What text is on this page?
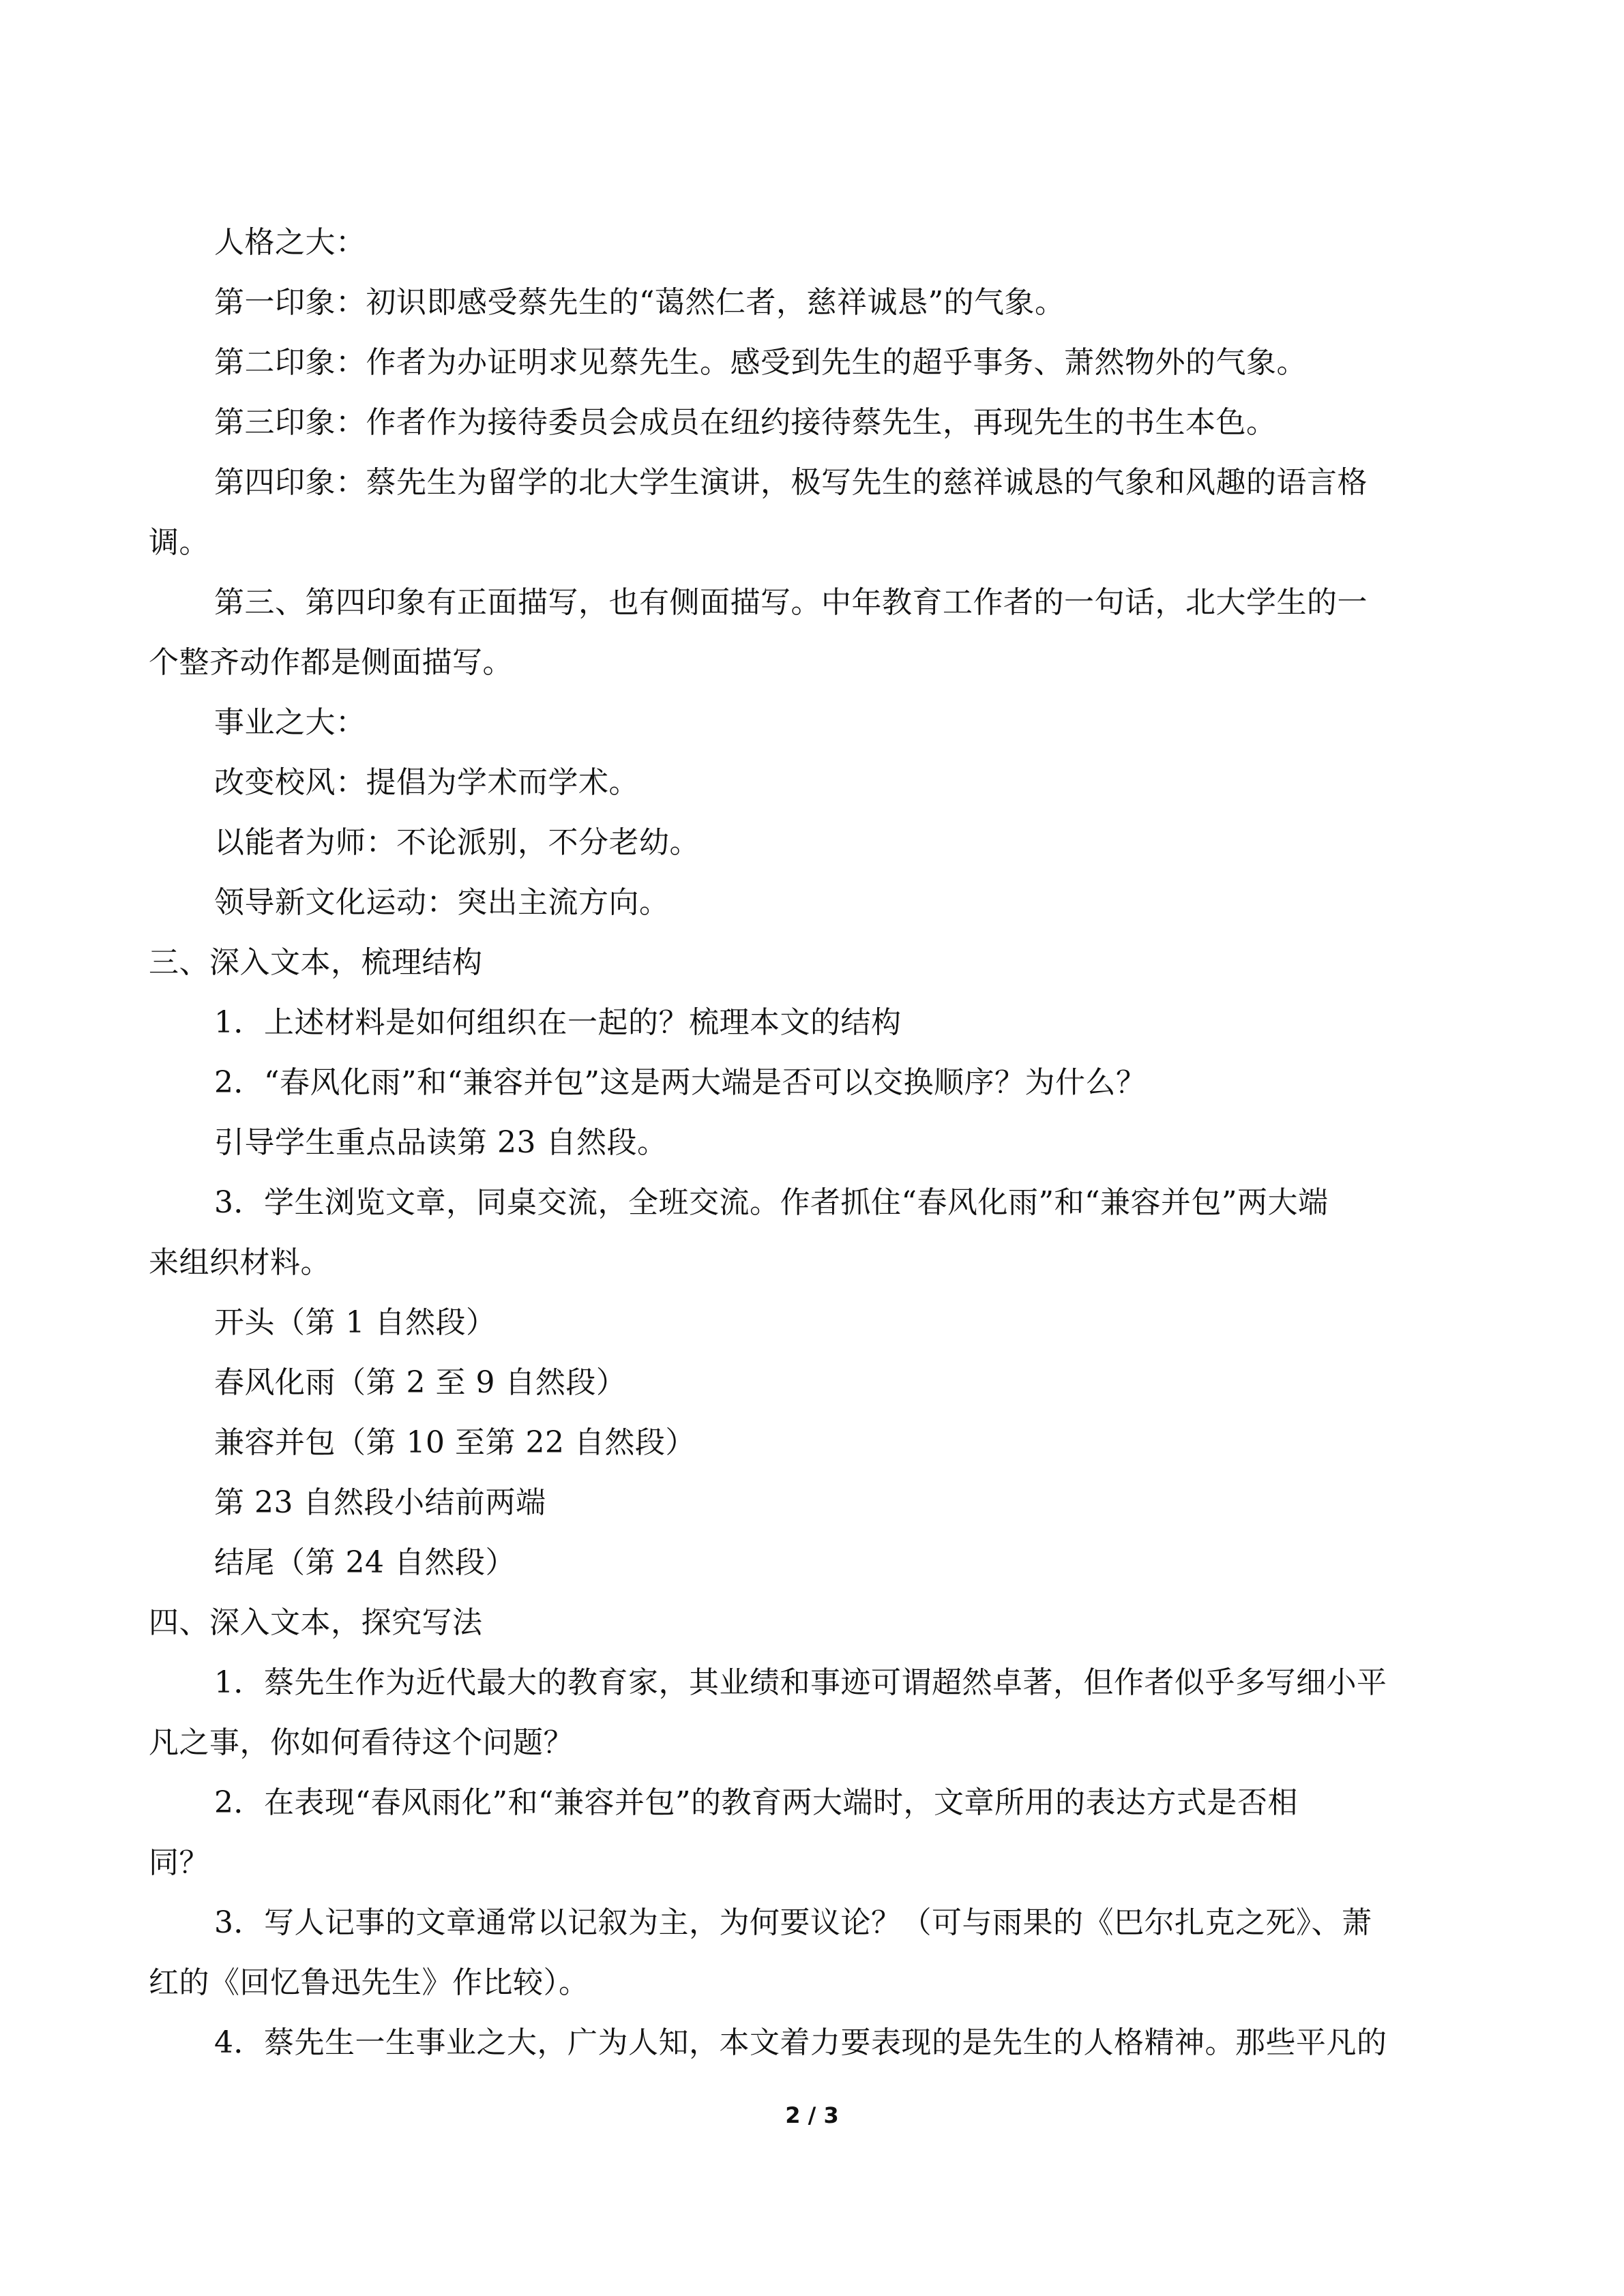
人格之大：
第一印象：初识即感受蔡先生的“蔼然仁者，慈祥诚恳”的气象。
第二印象：作者为办证明求见蔡先生。感受到先生的超乎事务、萧然物外的气象。
第三印象：作者作为接待委员会成员在纽约接待蔡先生，再现先生的书生本色。
第四印象：蔡先生为留学的北大学生演讲，极写先生的慈祥诚恳的气象和风趣的语言格
调。
第三、第四印象有正面描写，也有侧面描写。中年教育工作者的一句话，北大学生的一
个整齐动作都是侧面描写。
事业之大：
改变校风：提倡为学术而学术。
以能者为师：不论派别，不分老幼。
领导新文化运动：突出主流方向。
三、深入文本，梳理结构
1．上述材料是如何组织在一起的？梳理本文的结构
2．“春风化雨”和“兼容并包”这是两大端是否可以交换顺序？为什么？
引导学生重点品读第 23 自然段。
3．学生浏览文章，同桌交流，全班交流。作者抓住“春风化雨”和“兼容并包”两大端
来组织材料。
开头（第 1 自然段）
春风化雨（第 2 至 9 自然段）
兼容并包（第 10 至第 22 自然段）
第 23 自然段小结前两端
结尾（第 24 自然段）
四、深入文本，探究写法
1．蔡先生作为近代最大的教育家，其业绩和事迹可谓超然卓著，但作者似乎多写细小平
凡之事，你如何看待这个问题？
2．在表现“春风雨化”和“兼容并包”的教育两大端时，文章所用的表达方式是否相
同？
3．写人记事的文章通常以记叙为主，为何要议论？（可与雨果的《巴尔扎克之死》、萧
红的《回忆鲁迅先生》作比较）。
4．蔡先生一生事业之大，广为人知，本文着力要表现的是先生的人格精神。那些平凡的
2 / 3
